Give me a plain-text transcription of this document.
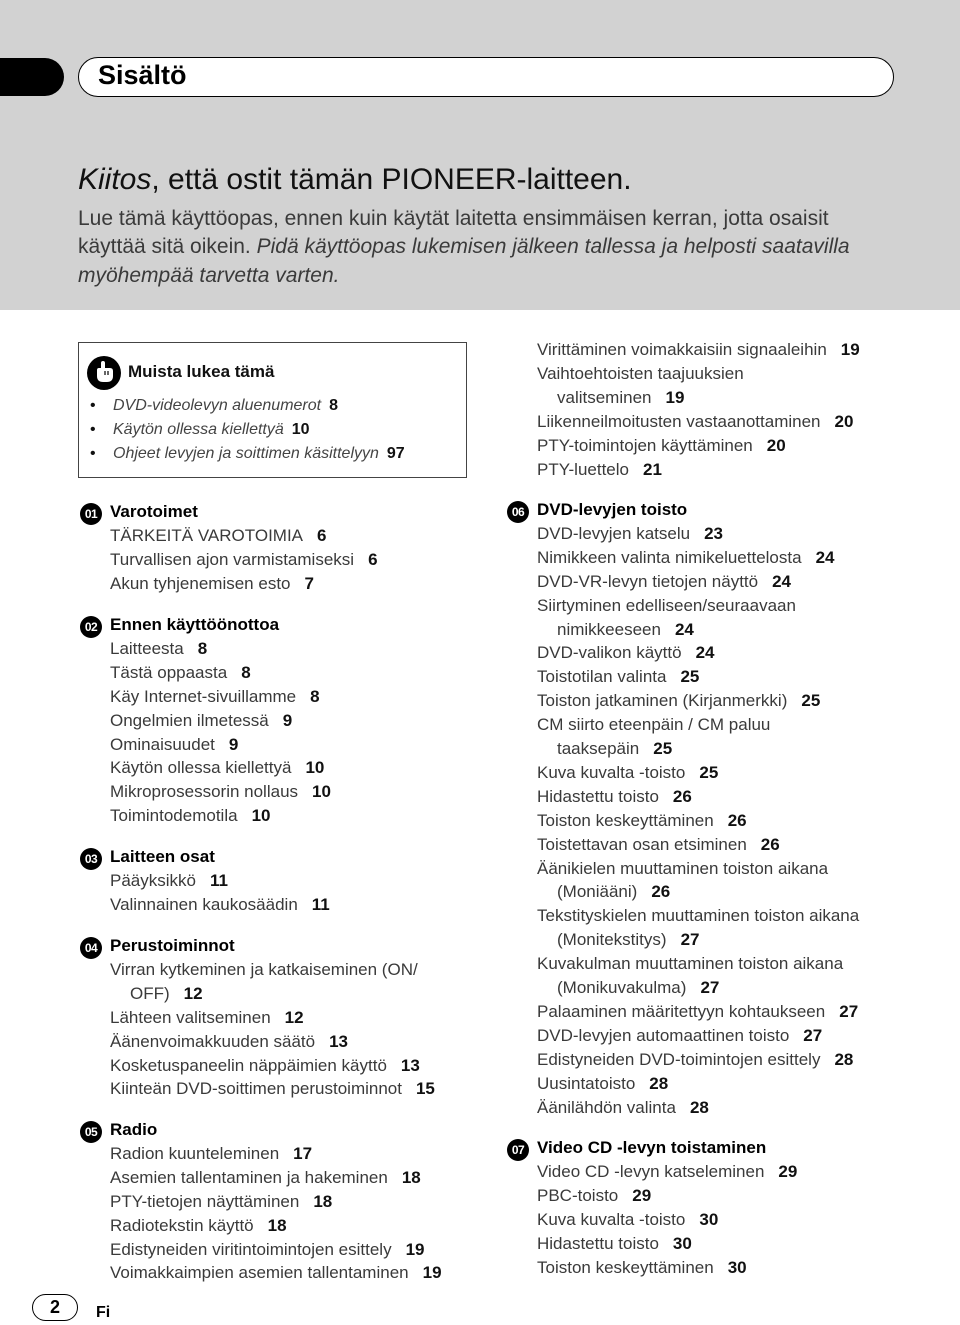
Sisältö
Kiitos, että ostit tämän PIONEER-laitteen.
Lue tämä käyttöopas, ennen kuin käytät laitetta ensimmäisen kerran, jotta osaisit
käyttää sitä oikein. Pidä käyttöopas lukemisen jälkeen tallessa ja helposti saatavilla
myöhempää tarvetta varten.
Muista lukea tämä
• DVD-videolevyn aluenumerot 8
• Käytön ollessa kiellettyä 10
• Ohjeet levyjen ja soittimen käsittelyyn 97
01 Varotoimet
TÄRKEITÄ VAROTOIMIA 6
Turvallisen ajon varmistamiseksi 6
Akun tyhjenemisen esto 7
02 Ennen käyttöönottoa
Laitteesta 8
Tästä oppaasta 8
Käy Internet-sivuillamme 8
Ongelmien ilmetessä 9
Ominaisuudet 9
Käytön ollessa kiellettyä 10
Mikroprosessorin nollaus 10
Toimintodemotila 10
03 Laitteen osat
Pääyksikkö 11
Valinnainen kaukosäädin 11
04 Perustoiminnot
Virran kytkeminen ja katkaiseminen (ON/
OFF) 12
Lähteen valitseminen 12
Äänenvoimakkuuden säätö 13
Kosketuspaneelin näppäimien käyttö 13
Kiinteän DVD-soittimen perustoiminnot 15
05 Radio
Radion kuunteleminen 17
Asemien tallentaminen ja hakeminen 18
PTY-tietojen näyttäminen 18
Radiotekstin käyttö 18
Edistyneiden viritintoimintojen esittely 19
Voimakkaimpien asemien tallentaminen 19
Virittäminen voimakkaisiin signaaleihin 19
Vaihtoehtoisten taajuuksien
valitseminen 19
Liikenneilmoitusten vastaanottaminen 20
PTY-toimintojen käyttäminen 20
PTY-luettelo 21
06 DVD-levyjen toisto
DVD-levyjen katselu 23
Nimikkeen valinta nimikeluettelosta 24
DVD-VR-levyn tietojen näyttö 24
Siirtyminen edelliseen/seuraavaan
nimikkeeseen 24
DVD-valikon käyttö 24
Toistotilan valinta 25
Toiston jatkaminen (Kirjanmerkki) 25
CM siirto eteenpäin / CM paluu
taaksepäin 25
Kuva kuvalta -toisto 25
Hidastettu toisto 26
Toiston keskeyttäminen 26
Toistettavan osan etsiminen 26
Äänikielen muuttaminen toiston aikana
(Moniääni) 26
Tekstityskielen muuttaminen toiston aikana
(Monitekstitys) 27
Kuvakulman muuttaminen toiston aikana
(Monikuvakulma) 27
Palaaminen määritettyyn kohtaukseen 27
DVD-levyjen automaattinen toisto 27
Edistyneiden DVD-toimintojen esittely 28
Uusintatoisto 28
Äänilähdön valinta 28
07 Video CD -levyn toistaminen
Video CD -levyn katseleminen 29
PBC-toisto 29
Kuva kuvalta -toisto 30
Hidastettu toisto 30
Toiston keskeyttäminen 30
2	Fi
